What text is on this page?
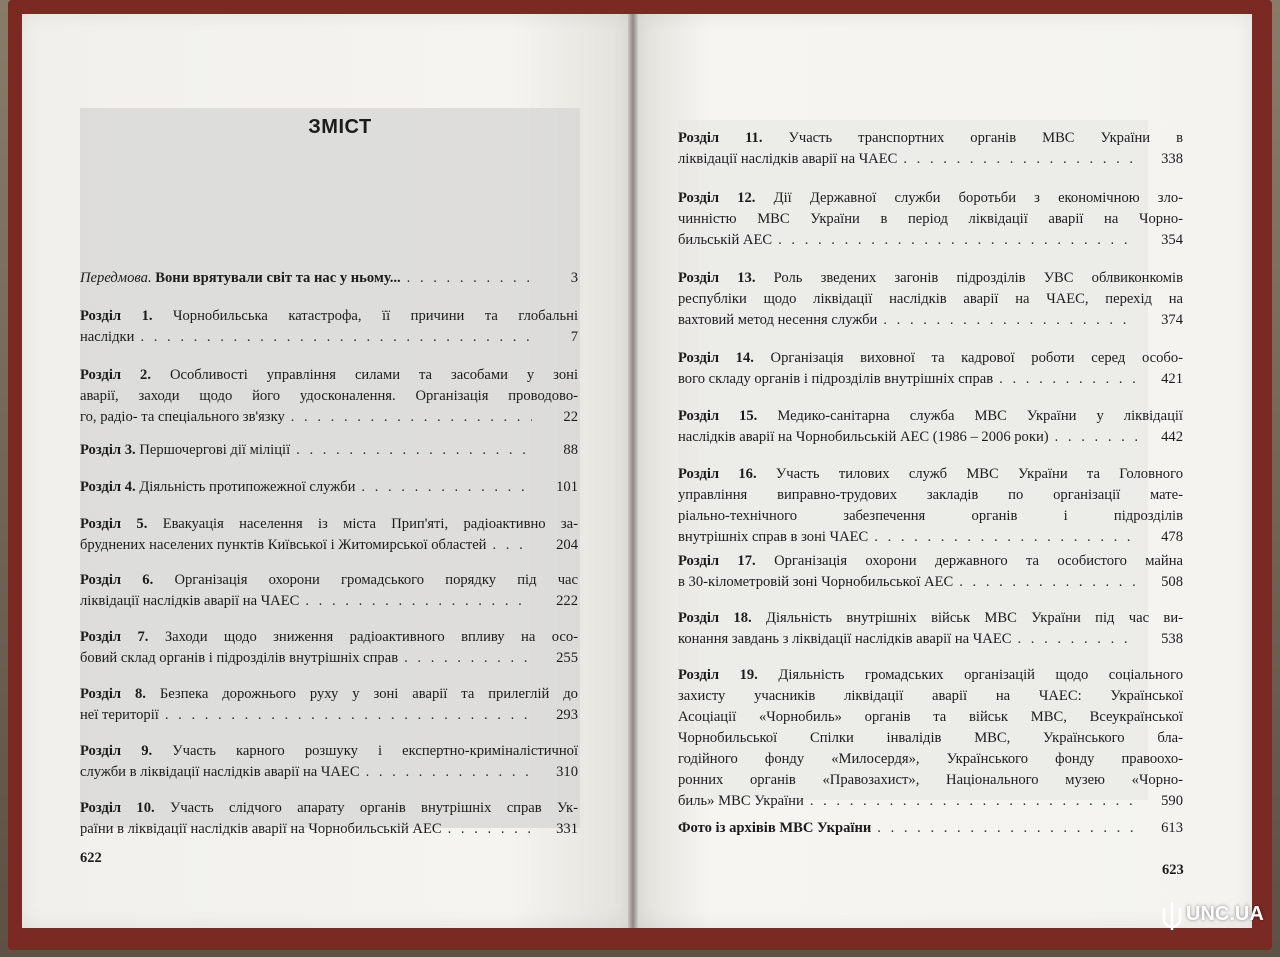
ЗМІСТ
Передмова. Вони врятували світ та нас у ньому... . . .	3
Розділ 1. Чорнобильська катастрофа, її причини та глобальні
наслідки . . .	7
Розділ 2. Особливості управління силами та засобами у зоні
аварії, заходи щодо його удосконалення. Організація проводово-
го, радіо- та спеціального зв'язку . . .	22
Розділ 3. Першочергові дії міліції . . .	88
Розділ 4. Діяльність протипожежної служби . . .	101
Розділ 5. Евакуація населення із міста Прип'яті, радіоактивно за-
бруднених населених пунктів Київської і Житомирської областей . . .	204
Розділ 6. Організація охорони громадського порядку під час
ліквідації наслідків аварії на ЧАЕС . . .	222
Розділ 7. Заходи щодо зниження радіоактивного впливу на осо-
бовий склад органів і підрозділів внутрішніх справ . . .	255
Розділ 8. Безпека дорожнього руху у зоні аварії та прилеглій до
неї території . . .	293
Розділ 9. Участь карного розшуку і експертно-криміналістичної
служби в ліквідації наслідків аварії на ЧАЕС . . .	310
Розділ 10. Участь слідчого апарату органів внутрішніх справ Ук-
раїни в ліквідації наслідків аварії на Чорнобильській АЕС . . .	331
Розділ 11. Участь транспортних органів МВС України в
ліквідації наслідків аварії на ЧАЕС . . .	338
Розділ 12. Дії Державної служби боротьби з економічною зло-
чинністю МВС України в період ліквідації аварії на Чорно-
бильській АЕС . . .	354
Розділ 13. Роль зведених загонів підрозділів УВС облвиконкомів
республіки щодо ліквідації наслідків аварії на ЧАЕС, перехід на
вахтовий метод несення служби . . .	374
Розділ 14. Організація виховної та кадрової роботи серед особо-
вого складу органів і підрозділів внутрішніх справ . . .	421
Розділ 15. Медико-санітарна служба МВС України у ліквідації
наслідків аварії на Чорнобильській АЕС (1986 – 2006 роки) . . .	442
Розділ 16. Участь тилових служб МВС України та Головного
управління виправно-трудових закладів по організації мате-
ріально-технічного забезпечення органів і підрозділів
внутрішніх справ в зоні ЧАЕС . . .	478
Розділ 17. Організація охорони державного та особистого майна
в 30-кілометровій зоні Чорнобильської АЕС . . .	508
Розділ 18. Діяльність внутрішніх військ МВС України під час ви-
конання завдань з ліквідації наслідків аварії на ЧАЕС . . .	538
Розділ 19. Діяльність громадських організацій щодо соціального
захисту учасників ліквідації аварії на ЧАЕС: Української
Асоціації «Чорнобиль» органів та військ МВС, Всеукраїнської
Чорнобильської Спілки інвалідів МВС, Українського бла-
годійного фонду «Милосердя», Українського фонду правоохо-
ронних органів «Правозахист», Національного музею «Чорно-
биль» МВС України . . .	590
Фото із архівів МВС України . . .	613
622
623
UNC.UA
